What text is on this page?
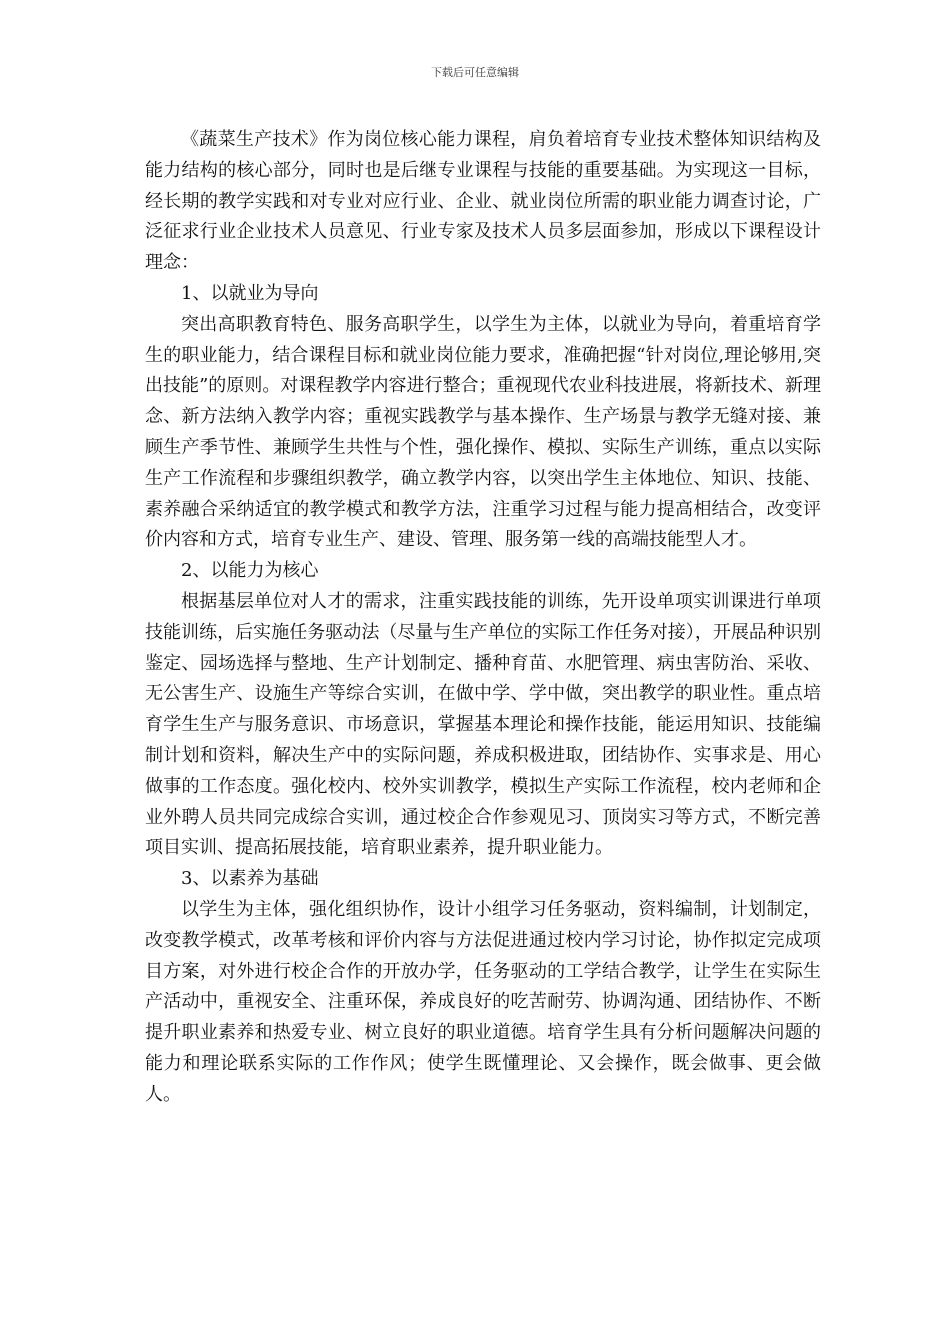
下载后可任意编辑

《蔬菜生产技术》作为岗位核心能力课程，肩负着培育专业技术整体知识结构及能力结构的核心部分，同时也是后继专业课程与技能的重要基础。为实现这一目标，经长期的教学实践和对专业对应行业、企业、就业岗位所需的职业能力调查讨论，广泛征求行业企业技术人员意见、行业专家及技术人员多层面参加，形成以下课程设计理念：

1、以就业为导向

突出高职教育特色、服务高职学生，以学生为主体，以就业为导向，着重培育学生的职业能力，结合课程目标和就业岗位能力要求，准确把握“针对岗位,理论够用,突出技能”的原则。对课程教学内容进行整合；重视现代农业科技进展，将新技术、新理念、新方法纳入教学内容；重视实践教学与基本操作、生产场景与教学无缝对接、兼顾生产季节性、兼顾学生共性与个性，强化操作、模拟、实际生产训练，重点以实际生产工作流程和步骤组织教学，确立教学内容，以突出学生主体地位、知识、技能、素养融合采纳适宜的教学模式和教学方法，注重学习过程与能力提高相结合，改变评价内容和方式，培育专业生产、建设、管理、服务第一线的高端技能型人才。

2、以能力为核心

根据基层单位对人才的需求，注重实践技能的训练，先开设单项实训课进行单项技能训练，后实施任务驱动法（尽量与生产单位的实际工作任务对接），开展品种识别鉴定、园场选择与整地、生产计划制定、播种育苗、水肥管理、病虫害防治、采收、无公害生产、设施生产等综合实训，在做中学、学中做，突出教学的职业性。重点培育学生生产与服务意识、市场意识，掌握基本理论和操作技能，能运用知识、技能编制计划和资料，解决生产中的实际问题，养成积极进取，团结协作、实事求是、用心做事的工作态度。强化校内、校外实训教学，模拟生产实际工作流程，校内老师和企业外聘人员共同完成综合实训，通过校企合作参观见习、顶岗实习等方式，不断完善项目实训、提高拓展技能，培育职业素养，提升职业能力。

3、以素养为基础

以学生为主体，强化组织协作，设计小组学习任务驱动，资料编制，计划制定，改变教学模式，改革考核和评价内容与方法促进通过校内学习讨论，协作拟定完成项目方案，对外进行校企合作的开放办学，任务驱动的工学结合教学，让学生在实际生产活动中，重视安全、注重环保，养成良好的吃苦耐劳、协调沟通、团结协作、不断提升职业素养和热爱专业、树立良好的职业道德。培育学生具有分析问题解决问题的能力和理论联系实际的工作作风；使学生既懂理论、又会操作，既会做事、更会做人。
